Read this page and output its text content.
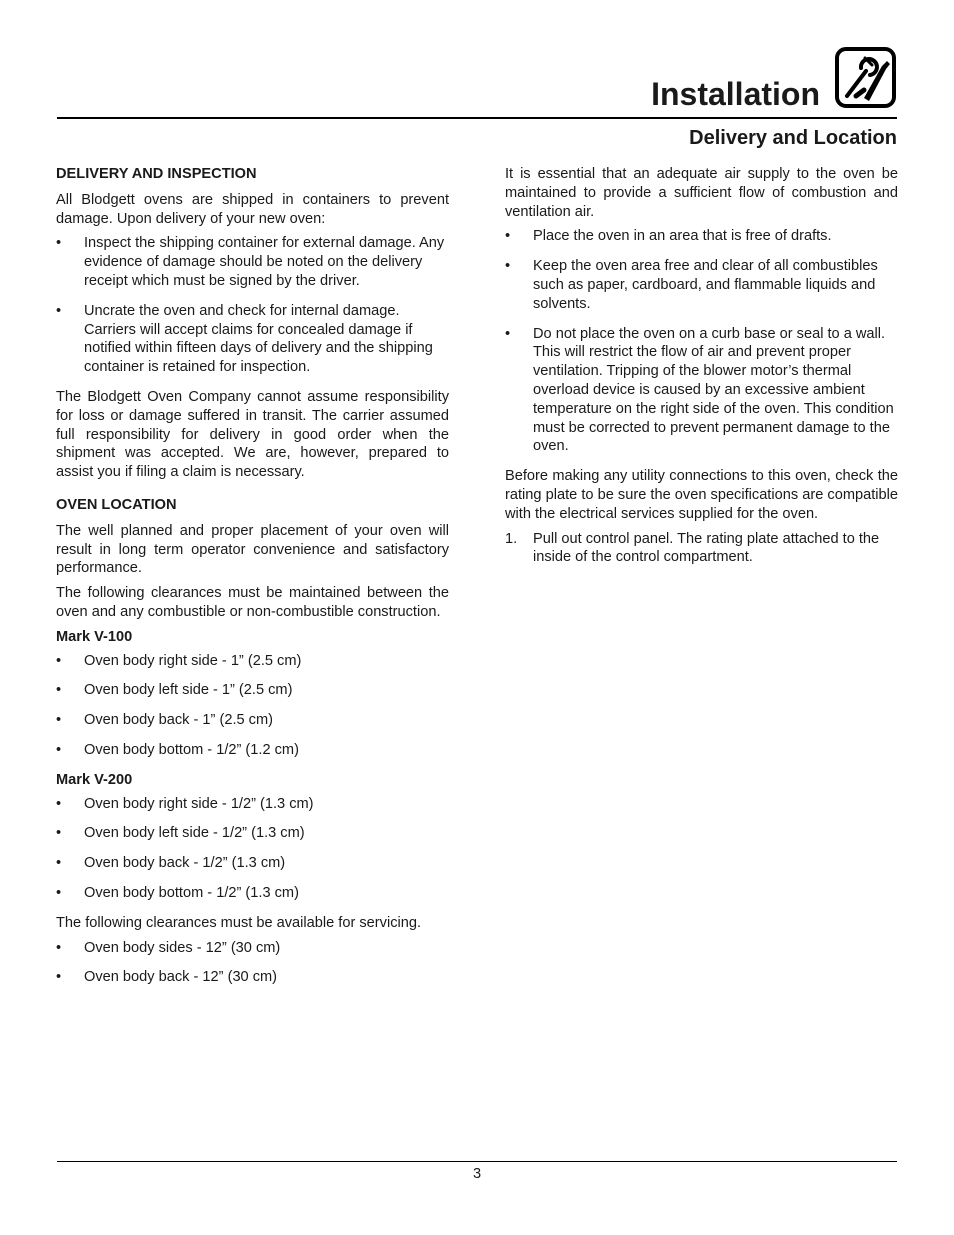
Installation
Delivery and Location
DELIVERY AND INSPECTION

All Blodgett ovens are shipped in containers to prevent damage. Upon delivery of your new oven:

• Inspect the shipping container for external damage. Any evidence of damage should be noted on the delivery receipt which must be signed by the driver.
• Uncrate the oven and check for internal damage. Carriers will accept claims for concealed damage if notified within fifteen days of delivery and the shipping container is retained for inspection.

The Blodgett Oven Company cannot assume responsibility for loss or damage suffered in transit. The carrier assumed full responsibility for delivery in good order when the shipment was accepted. We are, however, prepared to assist you if filing a claim is necessary.

OVEN LOCATION

The well planned and proper placement of your oven will result in long term operator convenience and satisfactory performance.

The following clearances must be maintained between the oven and any combustible or non-combustible construction.

Mark V-100
• Oven body right side - 1” (2.5 cm)
• Oven body left side - 1” (2.5 cm)
• Oven body back - 1” (2.5 cm)
• Oven body bottom - 1/2” (1.2 cm)
Mark V-200
• Oven body right side - 1/2” (1.3 cm)
• Oven body left side - 1/2” (1.3 cm)
• Oven body back - 1/2” (1.3 cm)
• Oven body bottom - 1/2” (1.3 cm)

The following clearances must be available for servicing.

• Oven body sides - 12” (30 cm)
• Oven body back - 12” (30 cm)

It is essential that an adequate air supply to the oven be maintained to provide a sufficient flow of combustion and ventilation air.

• Place the oven in an area that is free of drafts.
• Keep the oven area free and clear of all combustibles such as paper, cardboard, and flammable liquids and solvents.
• Do not place the oven on a curb base or seal to a wall. This will restrict the flow of air and prevent proper ventilation. Tripping of the blower motor’s thermal overload device is caused by an excessive ambient temperature on the right side of the oven. This condition must be corrected to prevent permanent damage to the oven.

Before making any utility connections to this oven, check the rating plate to be sure the oven specifications are compatible with the electrical services supplied for the oven.

1. Pull out control panel. The rating plate attached to the inside of the control compartment.
3
